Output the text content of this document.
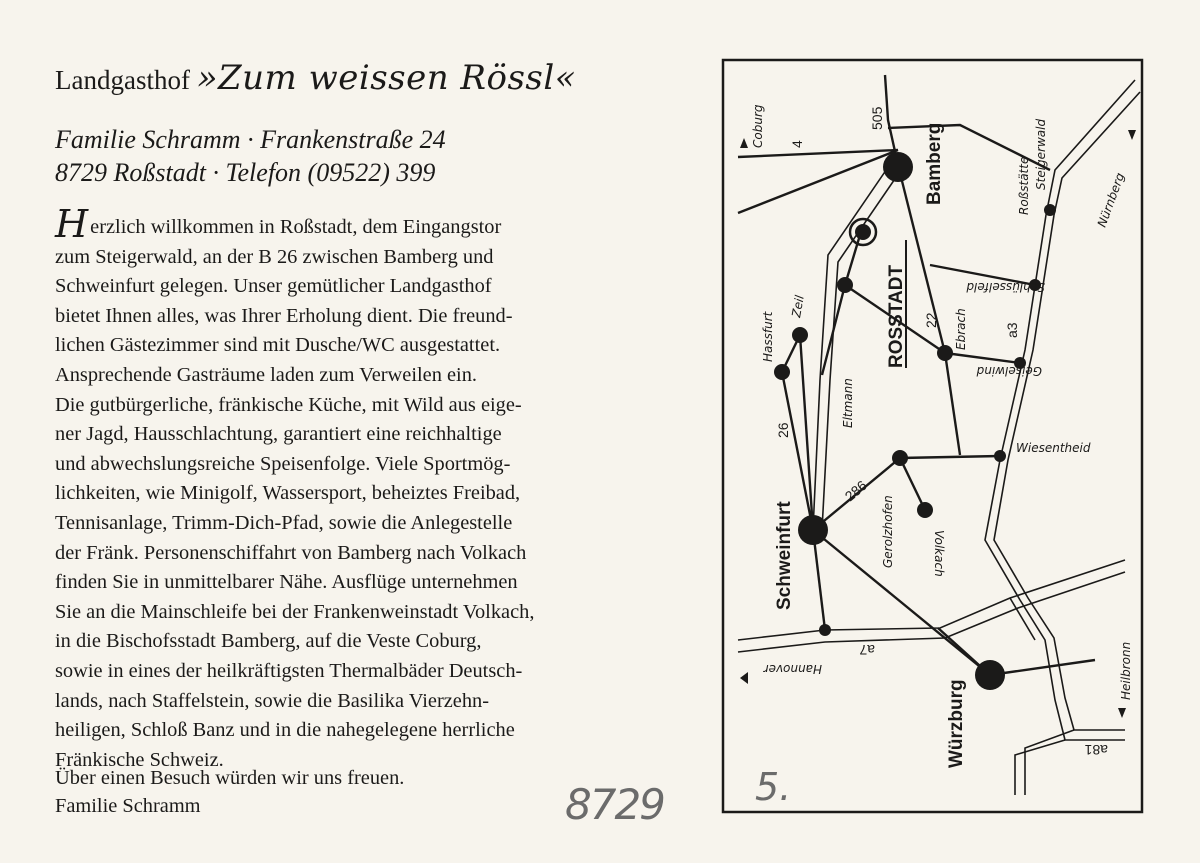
Landgasthof »Zum weissen Rössl«
Familie Schramm · Frankenstraße 24
8729 Roßstadt · Telefon (09522) 399
Herzlich willkommen in Roßstadt, dem Eingangstor
zum Steigerwald, an der B 26 zwischen Bamberg und
Schweinfurt gelegen. Unser gemütlicher Landgasthof
bietet Ihnen alles, was Ihrer Erholung dient. Die freund-
lichen Gästezimmer sind mit Dusche/WC ausgestattet.
Ansprechende Gasträume laden zum Verweilen ein.
Die gutbürgerliche, fränkische Küche, mit Wild aus eige-
ner Jagd, Hausschlachtung, garantiert eine reichhaltige
und abwechslungsreiche Speisenfolge. Viele Sportmög-
lichkeiten, wie Minigolf, Wassersport, beheiztes Freibad,
Tennisanlage, Trimm-Dich-Pfad, sowie die Anlegestelle
der Fränk. Personenschiffahrt von Bamberg nach Volkach
finden Sie in unmittelbarer Nähe. Ausflüge unternehmen
Sie an die Mainschleife bei der Frankenweinstadt Volkach,
in die Bischofsstadt Bamberg, auf die Veste Coburg,
sowie in eines der heilkräftigsten Thermalbäder Deutsch-
lands, nach Staffelstein, sowie die Basilika Vierzehn-
heiligen, Schloß Banz und in die nahegelegene herrliche
Fränkische Schweiz.
Über einen Besuch würden wir uns freuen.
Familie Schramm	8729 5.
Bamberg
Schweinfurt
Würzburg
ROSSTADT
Coburg
Nürnberg
Roßstätte Steigerwald
Zeil
Hassfurt
Eltmann
Ebrach
Schlüsselfeld
Geiselwind
Wiesentheid
Gerolzhofen	Volkach
Hannover	Heilbronn
4
505
26
22
286
a3
a7
a81
